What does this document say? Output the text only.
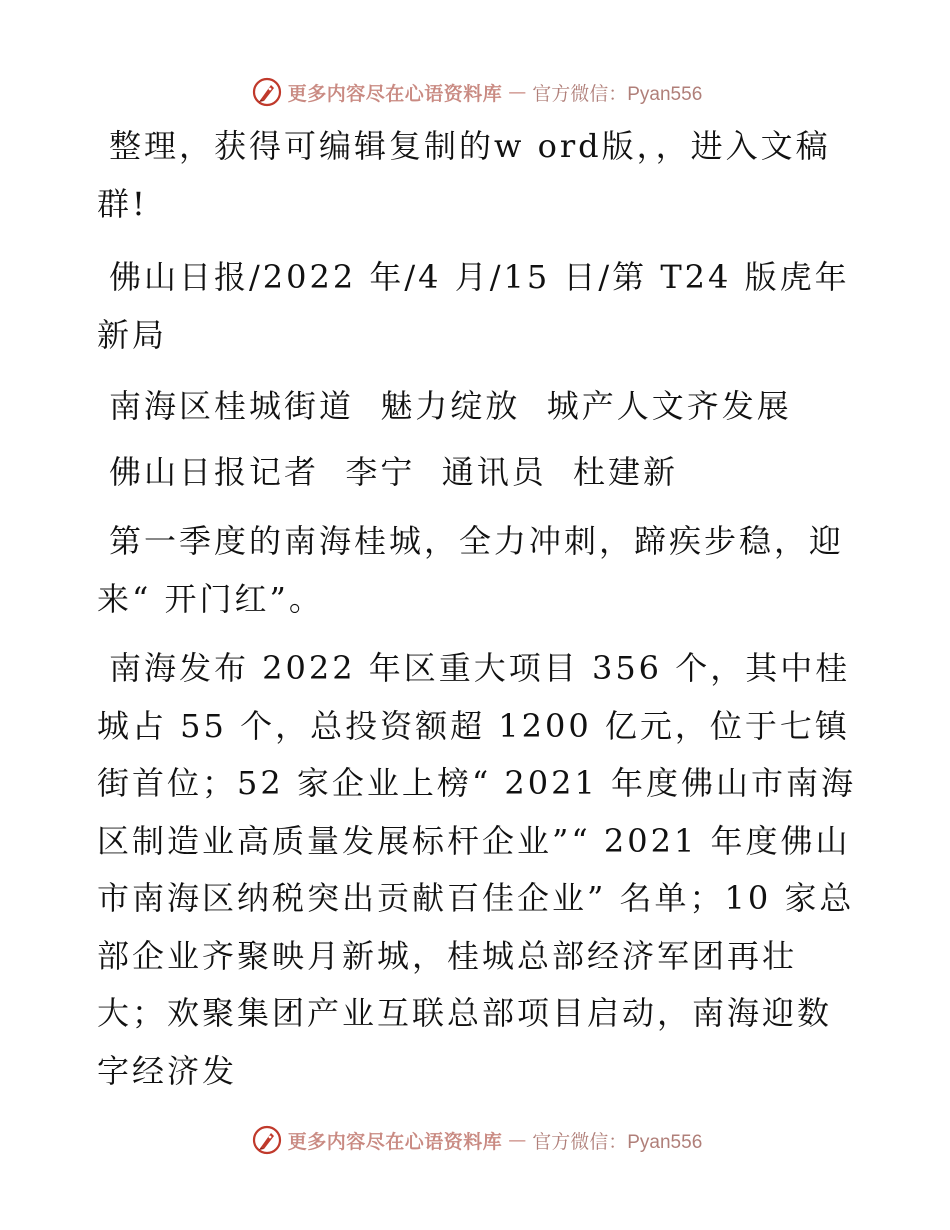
更多内容尽在心语资料库 — 官方微信：Pyan556

整理，获得可编辑复制的w ord版，，进入文稿群!

佛山日报/2022 年/4 月/15 日/第 T24 版虎年新局

南海区桂城街道  魅力绽放  城产人文齐发展

佛山日报记者  李宁  通讯员  杜建新

第一季度的南海桂城，全力冲刺，蹄疾步稳，迎来“ 开门红”。

南海发布 2022 年区重大项目 356 个，其中桂城占 55 个，总投资额超 1200 亿元，位于七镇街首位；52 家企业上榜“ 2021 年度佛山市南海区制造业高质量发展标杆企业”“ 2021 年度佛山市南海区纳税突出贡献百佳企业” 名单；10 家总部企业齐聚映月新城，桂城总部经济军团再壮大；欢聚集团产业互联总部项目启动，南海迎数字经济发

更多内容尽在心语资料库 — 官方微信：Pyan556
